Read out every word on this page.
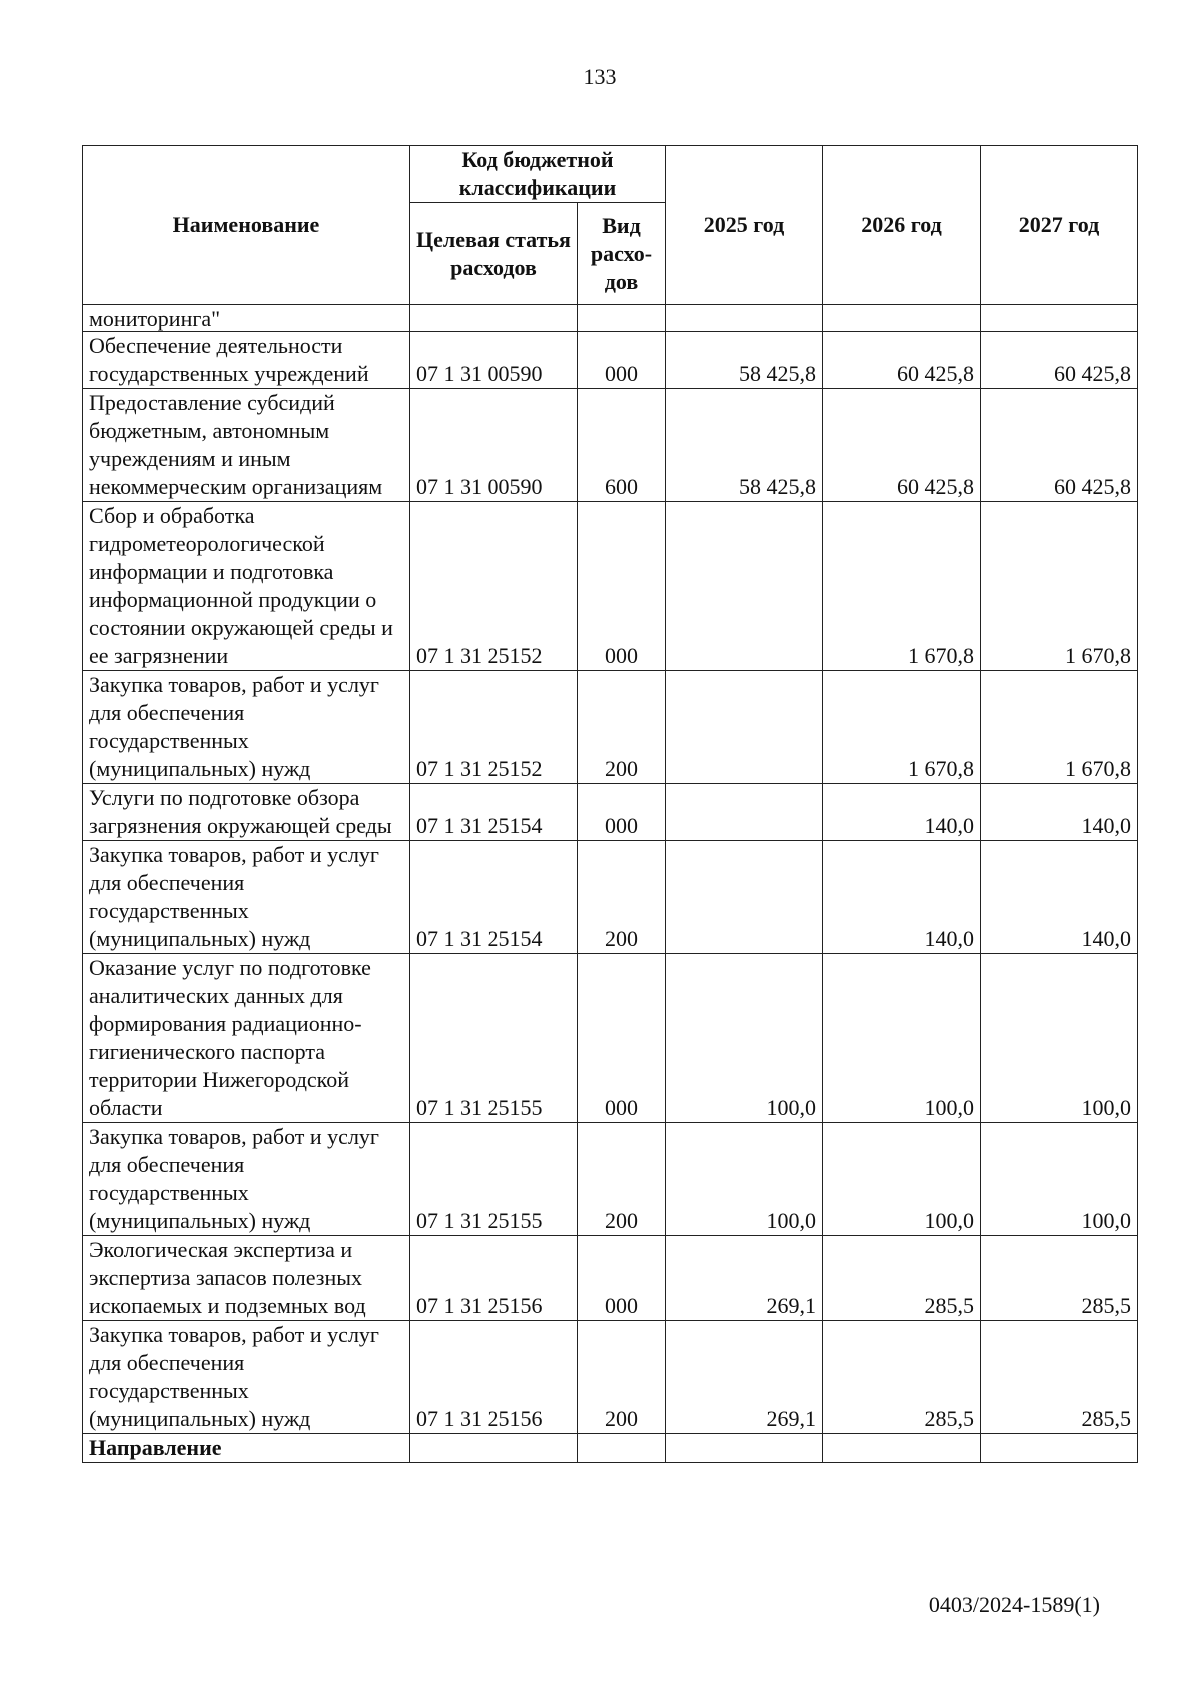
133
Наименование	Код бюджетной классификации		2025 год	2026 год	2027 год
	Целевая статья расходов	Вид расхо-дов			
мониторинга"					
Обеспечение деятельности государственных учреждений	07 1 31 00590	000	58 425,8	60 425,8	60 425,8
Предоставление субсидий бюджетным, автономным учреждениям и иным некоммерческим организациям	07 1 31 00590	600	58 425,8	60 425,8	60 425,8
Сбор и обработка гидрометеорологической информации и подготовка информационной продукции о состоянии окружающей среды и ее загрязнении	07 1 31 25152	000		1 670,8	1 670,8
Закупка товаров, работ и услуг для обеспечения государственных (муниципальных) нужд	07 1 31 25152	200		1 670,8	1 670,8
Услуги по подготовке обзора загрязнения окружающей среды	07 1 31 25154	000		140,0	140,0
Закупка товаров, работ и услуг для обеспечения государственных (муниципальных) нужд	07 1 31 25154	200		140,0	140,0
Оказание услуг по подготовке аналитических данных для формирования радиационно-гигиенического паспорта территории Нижегородской области	07 1 31 25155	000	100,0	100,0	100,0
Закупка товаров, работ и услуг для обеспечения государственных (муниципальных) нужд	07 1 31 25155	200	100,0	100,0	100,0
Экологическая экспертиза и экспертиза запасов полезных ископаемых и подземных вод	07 1 31 25156	000	269,1	285,5	285,5
Закупка товаров, работ и услуг для обеспечения государственных (муниципальных) нужд	07 1 31 25156	200	269,1	285,5	285,5
Направление					
0403/2024-1589(1)
